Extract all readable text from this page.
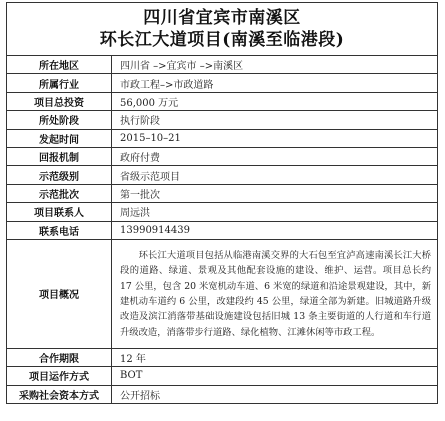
四川省宜宾市南溪区
环长江大道项目(南溪至临港段)
所在地区	四川省 –>宜宾市 –>南溪区
所属行业	市政工程–>市政道路
项目总投资	56,000 万元
所处阶段	执行阶段
发起时间	2015–10–21
回报机制	政府付费
示范级别	省级示范项目
示范批次	第一批次
项目联系人	周远洪
联系电话	13990914439
项目概况	环长江大道项目包括从临港南溪交界的大石包至宜泸高速南溪长江大桥段的道路、绿道、景观及其他配套设施的建设、维护、运营。项目总长约 17 公里，包含 20 米宽机动车道、6 米宽的绿道和沿途景观建设，其中，新建机动车道约 6 公里，改建段约 45 公里，绿道全部为新建。旧城道路升级改造及滨江消落带基础设施建设包括旧城 13 条主要街道的人行道和车行道升级改造，消落带步行道路、绿化植物、江滩休闲等市政工程。
合作期限	12 年
项目运作方式	BOT
采购社会资本方式	公开招标
